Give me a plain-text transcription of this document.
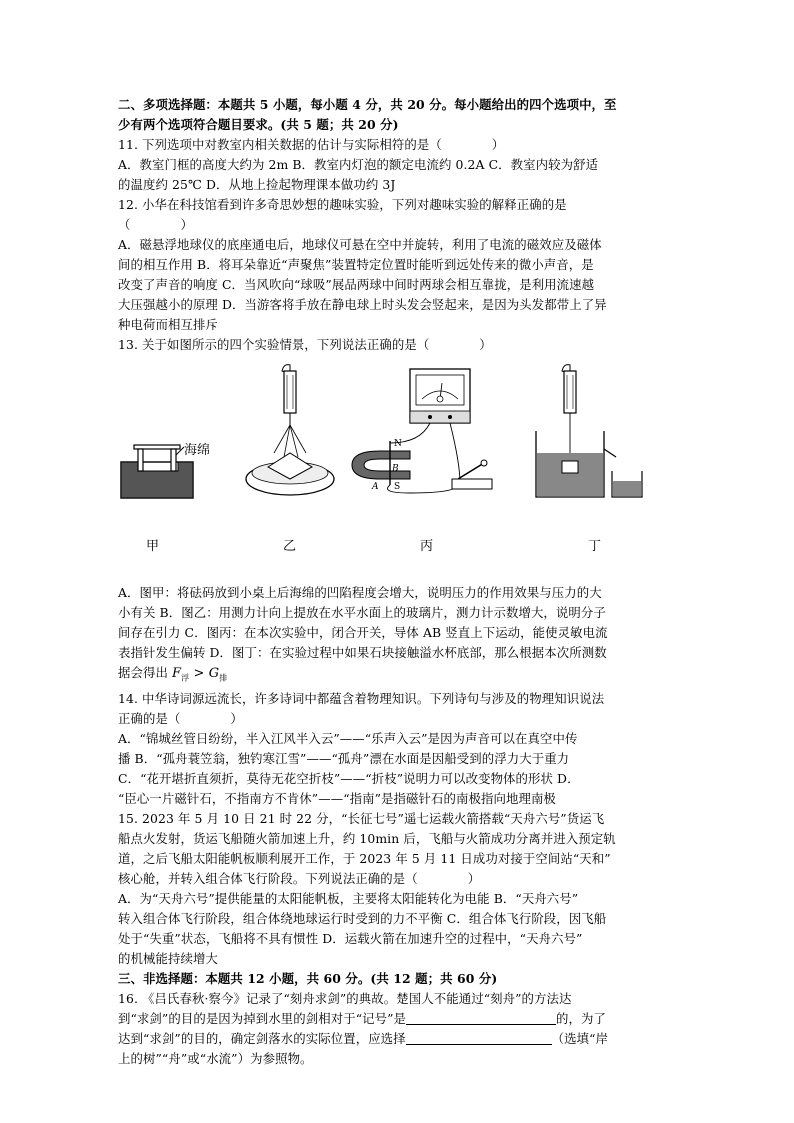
二、多项选择题：本题共 5 小题，每小题 4 分，共 20 分。每小题给出的四个选项中，至
少有两个选项符合题目要求。(共 5 题；共 20 分)
11. 下列选项中对教室内相关数据的估计与实际相符的是（　　　　）
A．教室门框的高度大约为 2m B．教室内灯泡的额定电流约 0.2A C．教室内较为舒适
的温度约 25℃ D．从地上捡起物理课本做功约 3J
12. 小华在科技馆看到许多奇思妙想的趣味实验，下列对趣味实验的解释正确的是
（　　　　）
A．磁悬浮地球仪的底座通电后，地球仪可悬在空中并旋转，利用了电流的磁效应及磁体
间的相互作用 B．将耳朵靠近“声聚焦”装置特定位置时能听到远处传来的微小声音，是
改变了声音的响度 C．当风吹向“球吸”展品两球中间时两球会相互靠拢，是利用流速越
大压强越小的原理 D．当游客将手放在静电球上时头发会竖起来，是因为头发都带上了异
种电荷而相互排斥
13. 关于如图所示的四个实验情景，下列说法正确的是（　　　　）
海绵
甲	乙
N
A S
B
丙	丁
A．图甲：将砝码放到小桌上后海绵的凹陷程度会增大，说明压力的作用效果与压力的大
小有关 B．图乙：用测力计向上提放在水平水面上的玻璃片，测力计示数增大，说明分子
间存在引力 C．图丙：在本次实验中，闭合开关，导体 AB 竖直上下运动，能使灵敏电流
表指针发生偏转 D．图丁：在实验过程中如果石块接触溢水杯底部，那么根据本次所测数
据会得出 $F_浮 > G_排$
14. 中华诗词源远流长，许多诗词中都蕴含着物理知识。下列诗句与涉及的物理知识说法
正确的是（　　　　）
A．“锦城丝管日纷纷，半入江风半入云”——“乐声入云”是因为声音可以在真空中传
播 B．“孤舟蓑笠翁，独钓寒江雪”——“孤舟”漂在水面是因船受到的浮力大于重力
C．“花开堪折直须折，莫待无花空折枝”——“折枝”说明力可以改变物体的形状 D．
“臣心一片磁针石，不指南方不肯休”——“指南”是指磁针石的南极指向地理南极
15. 2023 年 5 月 10 日 21 时 22 分，“长征七号”遥七运载火箭搭载“天舟六号”货运飞
船点火发射，货运飞船随火箭加速上升，约 10min 后，飞船与火箭成功分离并进入预定轨
道，之后飞船太阳能帆板顺利展开工作，于 2023 年 5 月 11 日成功对接于空间站“天和”
核心舱，并转入组合体飞行阶段。下列说法正确的是（　　　　）
A．为“天舟六号”提供能量的太阳能帆板，主要将太阳能转化为电能 B．“天舟六号”
转入组合体飞行阶段，组合体绕地球运行时受到的力不平衡 C．组合体飞行阶段，因飞船
处于“失重”状态，飞船将不具有惯性 D．运载火箭在加速升空的过程中，“天舟六号”
的机械能持续增大
三、非选择题：本题共 12 小题，共 60 分。(共 12 题；共 60 分)
16. 《吕氏春秋·察今》记录了“刻舟求剑”的典故。楚国人不能通过“刻舟”的方法达
到“求剑”的目的是因为掉到水里的剑相对于“记号”是	的，为了
达到“求剑”的目的，确定剑落水的实际位置，应选择	（选填“岸
上的树”“舟”或“水流”）为参照物。
